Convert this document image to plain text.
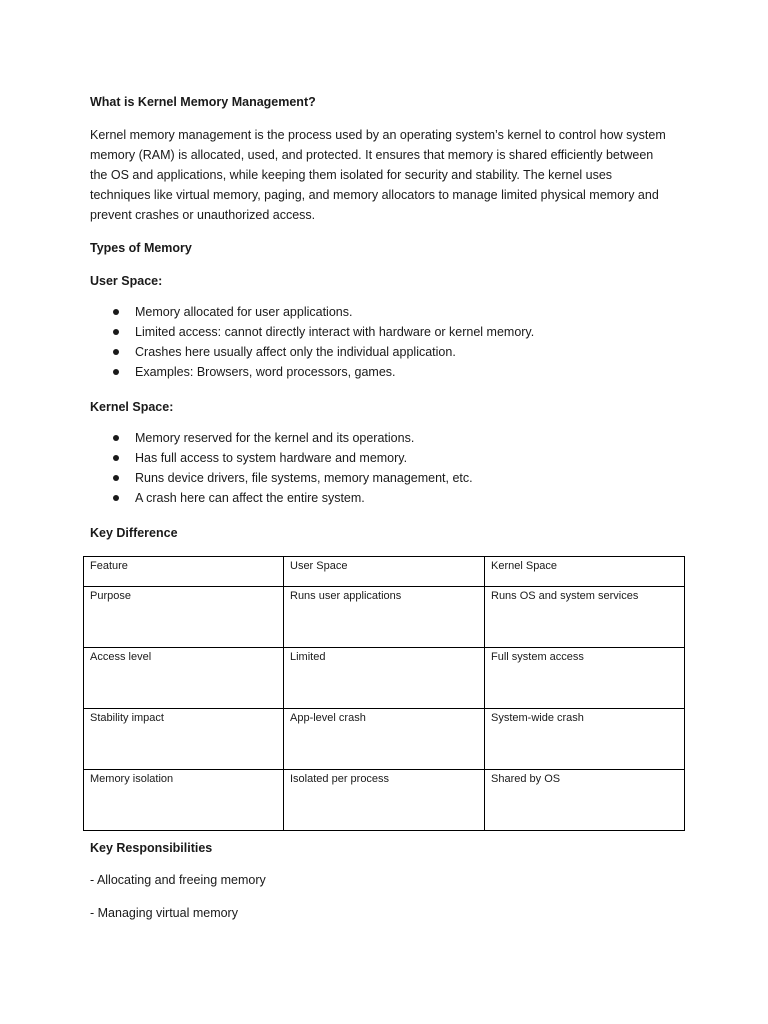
What is Kernel Memory Management?

Kernel memory management is the process used by an operating system’s kernel to control how system
memory (RAM) is allocated, used, and protected. It ensures that memory is shared efficiently between
the OS and applications, while keeping them isolated for security and stability. The kernel uses
techniques like virtual memory, paging, and memory allocators to manage limited physical memory and
prevent crashes or unauthorized access.

Types of Memory
User Space:
Memory allocated for user applications.
Limited access: cannot directly interact with hardware or kernel memory.
Crashes here usually affect only the individual application.
Examples: Browsers, word processors, games.
Kernel Space:
Memory reserved for the kernel and its operations.
Has full access to system hardware and memory.
Runs device drivers, file systems, memory management, etc.
A crash here can affect the entire system.
Key Difference
Feature	User Space	Kernel Space
Purpose	Runs user applications	Runs OS and system services
Access level	Limited	Full system access
Stability impact	App-level crash	System-wide crash
Memory isolation	Isolated per process	Shared by OS
Key Responsibilities
- Allocating and freeing memory
- Managing virtual memory
